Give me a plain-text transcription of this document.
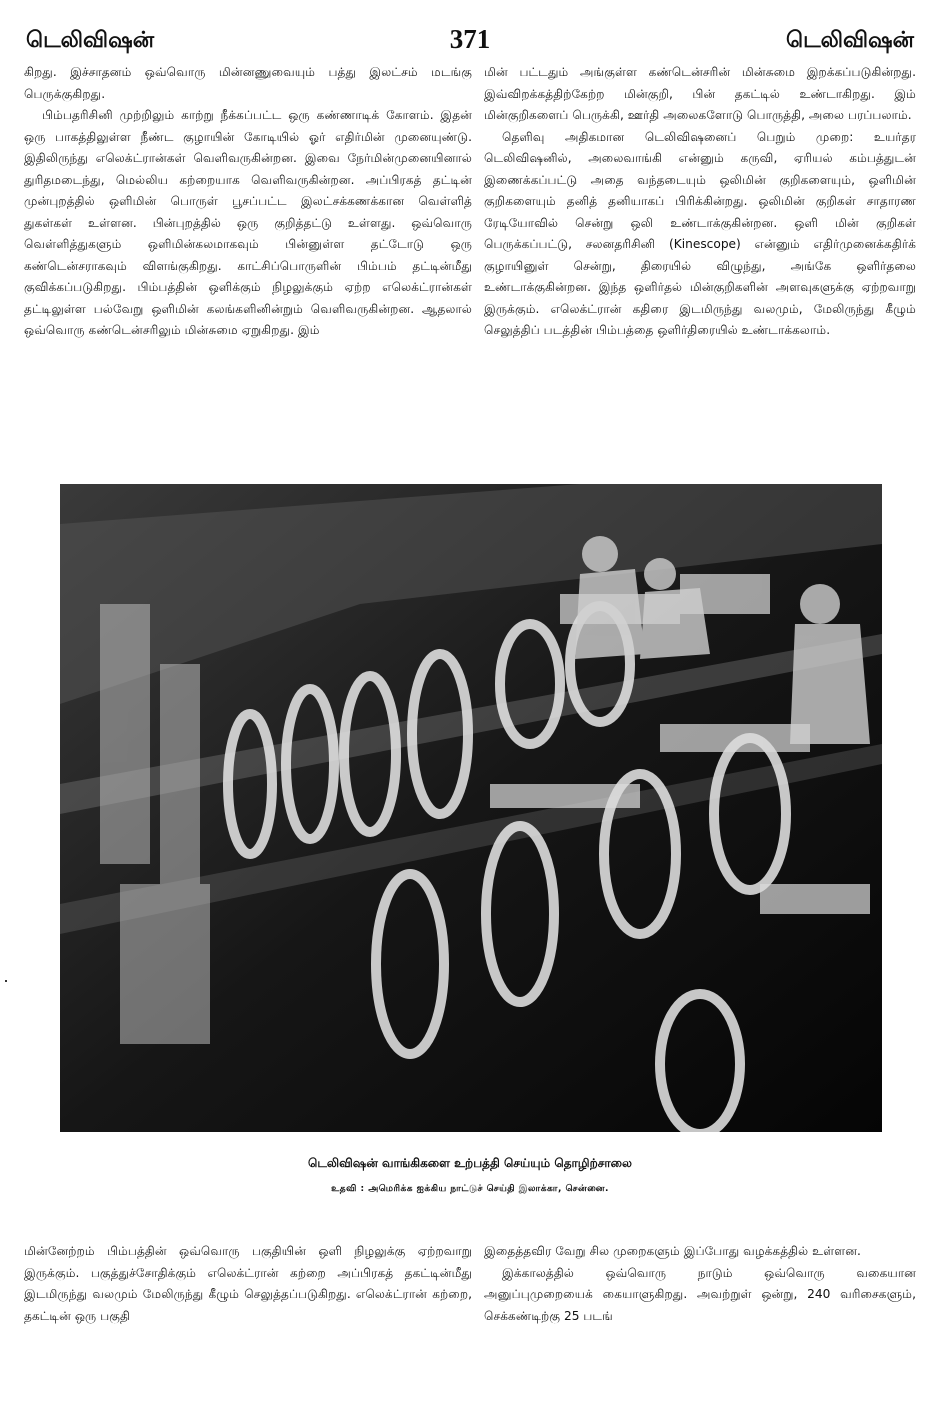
டெலிவிஷன்	371	டெலிவிஷன்

கிறது. இச்சாதனம் ஒவ்வொரு மின்னணுவையும் பத்து இலட்சம் மடங்கு பெருக்குகிறது.

பிம்பதரிசினி முற்றிலும் காற்று நீக்கப்பட்ட ஒரு கண்ணாடிக் கோளம். இதன் ஒரு பாகத்திலுள்ள நீண்ட குழாயின் கோடியில் ஓர் எதிர்மின் முனையுண்டு. இதிலிருந்து எலெக்ட்ரான்கள் வெளிவருகின்றன. இவை நேர்மின்முனையினால் துரிதமடைந்து, மெல்லிய கற்றையாக வெளிவருகின்றன. அப்பிரகத் தட்டின் முன்புறத்தில் ஒளிமின் பொருள் பூசப்பட்ட இலட்சக்கணக்கான வெள்ளித் துகள்கள் உள்ளன. பின்புறத்தில் ஒரு குறித்தட்டு உள்ளது. ஒவ்வொரு வெள்ளித்துகளும் ஒளிமின்கலமாகவும் பின்னுள்ள தட்டோடு ஒரு கண்டென்சராகவும் விளங்குகிறது. காட்சிப்பொருளின் பிம்பம் தட்டின்மீது குவிக்கப்படுகிறது. பிம்பத்தின் ஒளிக்கும் நிழலுக்கும் ஏற்ற எலெக்ட்ரான்கள் தட்டிலுள்ள பல்வேறு ஒளிமின் கலங்களினின்றும் வெளிவருகின்றன. ஆதலால் ஒவ்வொரு கண்டென்சரிலும் மின்சுமை ஏறுகிறது. இம்

மின் பட்டதும் அங்குள்ள கண்டென்சரின் மின்சுமை இறக்கப்படுகின்றது. இவ்விறக்கத்திற்கேற்ற மின்குறி, பின் தகட்டில் உண்டாகிறது. இம் மின்குறிகளைப் பெருக்கி, ஊர்தி அலைகளோடு பொருத்தி, அலை பரப்பலாம்.

தெளிவு அதிகமான டெலிவிஷனைப் பெறும் முறை: உயர்தர டெலிவிஷனில், அலைவாங்கி என்னும் கருவி, ஏரியல் கம்பத்துடன் இணைக்கப்பட்டு அதை வந்தடையும் ஒலிமின் குறிகளையும், ஒளிமின் குறிகளையும் தனித் தனியாகப் பிரிக்கின்றது. ஒலிமின் குறிகள் சாதாரண ரேடியோவில் சென்று ஒலி உண்டாக்குகின்றன. ஒளி மின் குறிகள் பெருக்கப்பட்டு, சலனதரிசினி (Kinescope) என்னும் எதிர்முனைக்கதிர்க் குழாயினுள் சென்று, திரையில் விழுந்து, அங்கே ஒளிர்தலை உண்டாக்குகின்றன. இந்த ஒளிர்தல் மின்குறிகளின் அளவுகளுக்கு ஏற்றவாறு இருக்கும். எலெக்ட்ரான் கதிரை இடமிருந்து வலமும், மேலிருந்து கீழும் செலுத்திப் படத்தின் பிம்பத்தை ஒளிர்திரையில் உண்டாக்கலாம்.

டெலிவிஷன் வாங்கிகளை உற்பத்தி செய்யும் தொழிற்சாலை
உதவி : அமெரிக்க ஐக்கிய நாட்டுச் செய்தி இலாக்கா, சென்னை.

மின்னேற்றம் பிம்பத்தின் ஒவ்வொரு பகுதியின் ஒளி நிழலுக்கு ஏற்றவாறு இருக்கும். பகுத்துச்சோதிக்கும் எலெக்ட்ரான் கற்றை அப்பிரகத் தகட்டின்மீது இடமிருந்து வலமும் மேலிருந்து கீழும் செலுத்தப்படுகிறது. எலெக்ட்ரான் கற்றை, தகட்டின் ஒரு பகுதி

இதைத்தவிர வேறு சில முறைகளும் இப்போது வழக்கத்தில் உள்ளன.

இக்காலத்தில் ஒவ்வொரு நாடும் ஒவ்வொரு வகையான அனுப்புமுறையைக் கையாளுகிறது. அவற்றுள் ஒன்று, 240 வரிசைகளும், செக்கண்டிற்கு 25 படங்
